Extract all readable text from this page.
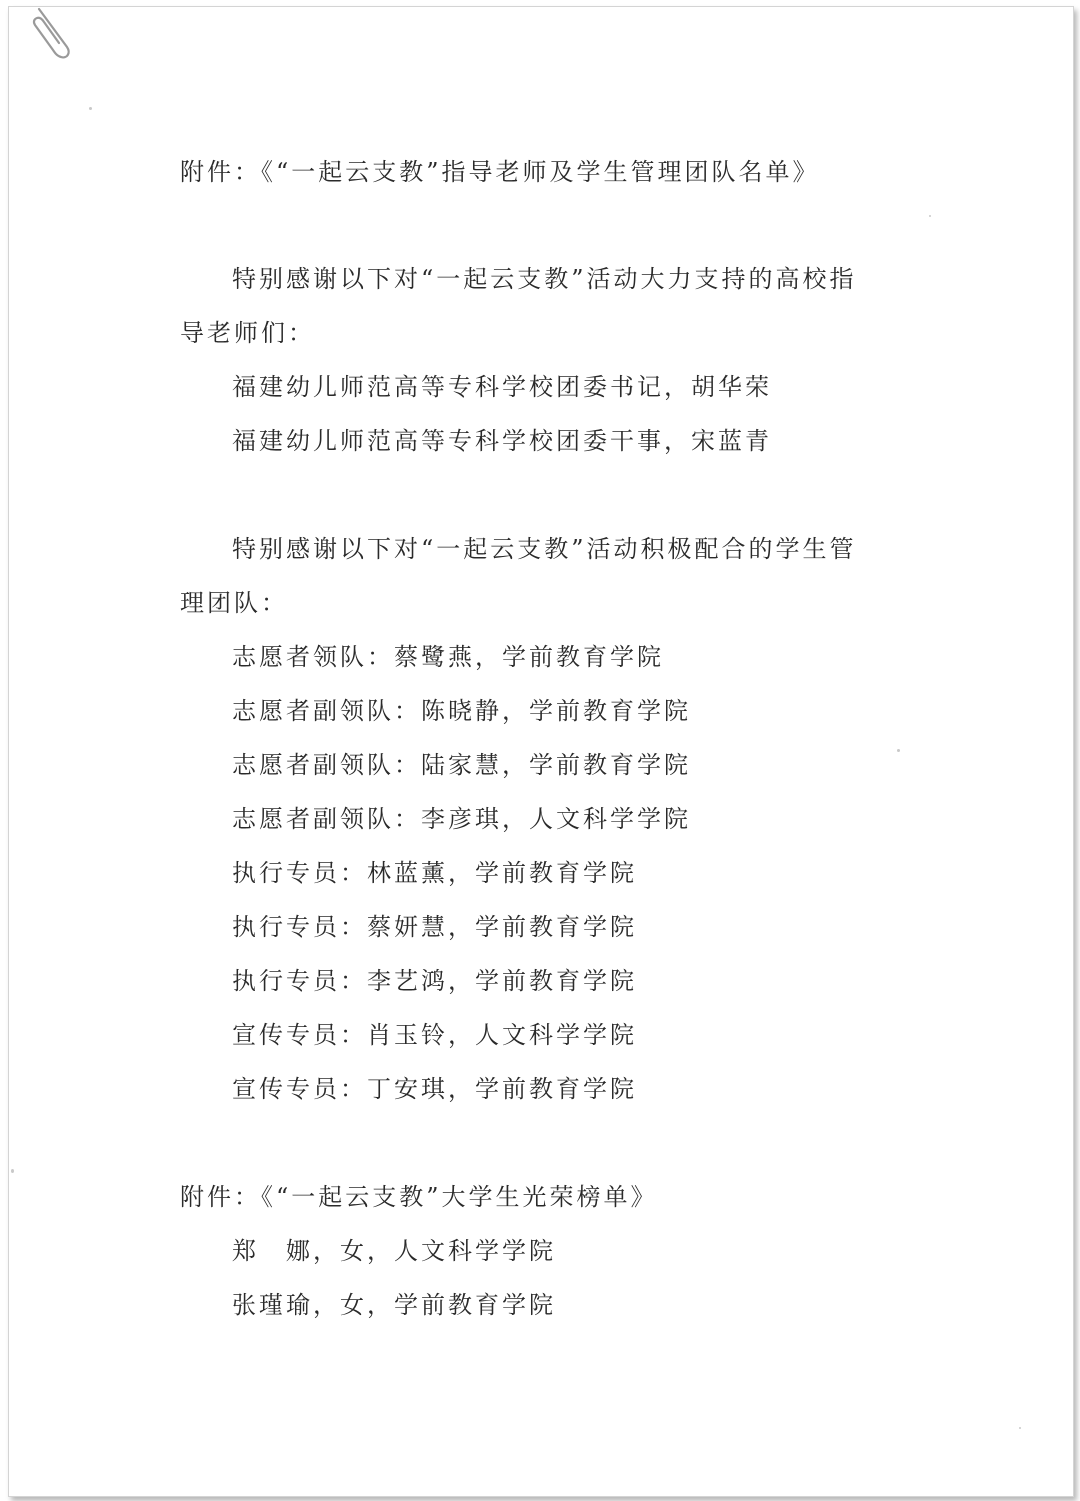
附件：《“一起云支教”指导老师及学生管理团队名单》
特别感谢以下对“一起云支教”活动大力支持的高校指
导老师们：
福建幼儿师范高等专科学校团委书记，胡华荣
福建幼儿师范高等专科学校团委干事，宋蓝青
特别感谢以下对“一起云支教”活动积极配合的学生管
理团队：
志愿者领队：蔡鹭燕，学前教育学院
志愿者副领队：陈晓静，学前教育学院
志愿者副领队：陆家慧，学前教育学院
志愿者副领队：李彦琪，人文科学学院
执行专员：林蓝薰，学前教育学院
执行专员：蔡妍慧，学前教育学院
执行专员：李艺鸿，学前教育学院
宣传专员：肖玉铃，人文科学学院
宣传专员：丁安琪，学前教育学院
附件：《“一起云支教”大学生光荣榜单》
郑　娜，女，人文科学学院
张瑾瑜，女，学前教育学院
